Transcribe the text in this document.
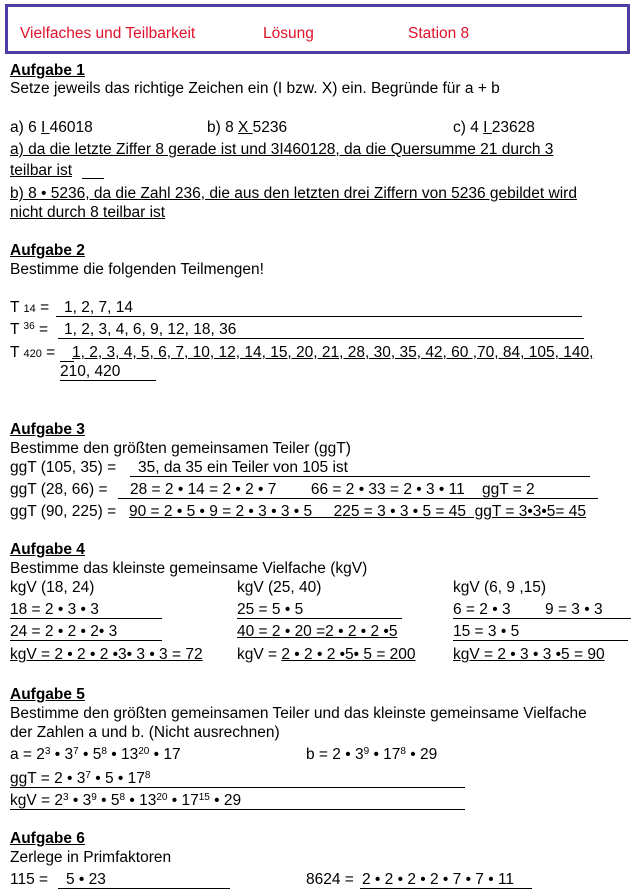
Vielfaches und Teilbarkeit	Lösung	Station 8
Aufgabe 1
Setze jeweils das richtige Zeichen ein (I bzw. X) ein. Begründe für a + b
a) 6 I 46018	b) 8 X 5236	c) 4 I 23628
a) da die letzte Ziffer 8 gerade ist und 3I460128, da die Quersumme 21 durch 3
teilbar ist
b) 8 • 5236, da die Zahl 236, die aus den letzten drei Ziffern von 5236 gebildet wird
nicht durch 8 teilbar ist
Aufgabe 2
Bestimme die folgenden Teilmengen!
T 14 = 1, 2, 7, 14
T $^{36}$ = 1, 2, 3, 4, 6, 9, 12, 18, 36
T 420 = 1, 2, 3, 4, 5, 6, 7, 10, 12, 14, 15, 20, 21, 28, 30, 35, 42, 60 ,70, 84, 105, 140,
210, 420
Aufgabe 3
Bestimme den größten gemeinsamen Teiler (ggT)
ggT (105, 35) = 35, da 35 ein Teiler von 105 ist
ggT (28, 66) = 28 = 2 • 14 = 2 • 2 • 7        66 = 2 • 33 = 2 • 3 • 11    ggT = 2
ggT (90, 225) = 90 = 2 • 5 • 9 = 2 • 3 • 3 • 5     225 = 3 • 3 • 5 = 45  ggT = 3•3•5= 45
Aufgabe 4
Bestimme das kleinste gemeinsame Vielfache (kgV)
kgV (18, 24)
18 = 2 • 3 • 3
24 = 2 • 2 • 2• 3
kgV = 2 • 2 • 2 •3• 3 • 3 = 72
kgV (25, 40)
25 = 5 • 5
40 = 2 • 20 =2 • 2 • 2 •5
kgV = 2 • 2 • 2 •5• 5 = 200
kgV (6, 9 ,15)
6 = 2 • 3        9 = 3 • 3
15 = 3 • 5
kgV = 2 • 3 • 3 •5 = 90
Aufgabe 5
Bestimme den größten gemeinsamen Teiler und das kleinste gemeinsame Vielfache
der Zahlen a und b. (Nicht ausrechnen)
$a = 2^3$ • $3^7$ • $5^8$ • $13^{20}$ • 17	b = 2 • $3^9$ • $17^8$ • 29
ggT = 2 • $3^7$ • 5 • $17^8$
kgV = $2^3$ • $3^9$ • $5^8$ • $13^{20}$ • $17^{15}$ • 29
Aufgabe 6
Zerlege in Primfaktoren
115 = 5 • 23	8624 = 2 • 2 • 2 • 2 • 7 • 7 • 11
